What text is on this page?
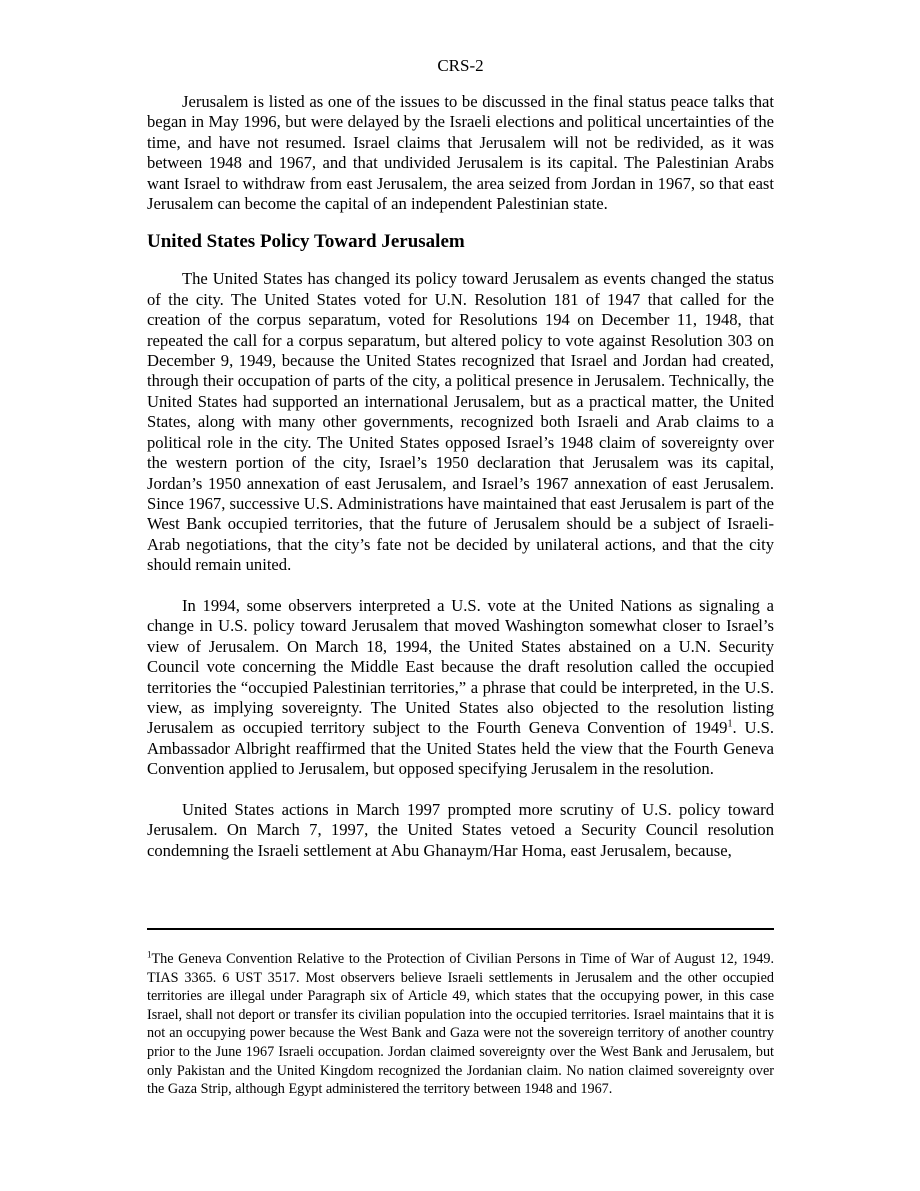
CRS-2

Jerusalem is listed as one of the issues to be discussed in the final status peace talks that began in May 1996, but were delayed by the Israeli elections and political uncertainties of the time, and have not resumed. Israel claims that Jerusalem will not be redivided, as it was between 1948 and 1967, and that undivided Jerusalem is its capital. The Palestinian Arabs want Israel to withdraw from east Jerusalem, the area seized from Jordan in 1967, so that east Jerusalem can become the capital of an independent Palestinian state.

United States Policy Toward Jerusalem

The United States has changed its policy toward Jerusalem as events changed the status of the city. The United States voted for U.N. Resolution 181 of 1947 that called for the creation of the corpus separatum, voted for Resolutions 194 on December 11, 1948, that repeated the call for a corpus separatum, but altered policy to vote against Resolution 303 on December 9, 1949, because the United States recognized that Israel and Jordan had created, through their occupation of parts of the city, a political presence in Jerusalem. Technically, the United States had supported an international Jerusalem, but as a practical matter, the United States, along with many other governments, recognized both Israeli and Arab claims to a political role in the city. The United States opposed Israel’s 1948 claim of sovereignty over the western portion of the city, Israel’s 1950 declaration that Jerusalem was its capital, Jordan’s 1950 annexation of east Jerusalem, and Israel’s 1967 annexation of east Jerusalem. Since 1967, successive U.S. Administrations have maintained that east Jerusalem is part of the West Bank occupied territories, that the future of Jerusalem should be a subject of Israeli-Arab negotiations, that the city’s fate not be decided by unilateral actions, and that the city should remain united.

In 1994, some observers interpreted a U.S. vote at the United Nations as signaling a change in U.S. policy toward Jerusalem that moved Washington somewhat closer to Israel’s view of Jerusalem. On March 18, 1994, the United States abstained on a U.N. Security Council vote concerning the Middle East because the draft resolution called the occupied territories the “occupied Palestinian territories,” a phrase that could be interpreted, in the U.S. view, as implying sovereignty. The United States also objected to the resolution listing Jerusalem as occupied territory subject to the Fourth Geneva Convention of 1949$^1$. U.S. Ambassador Albright reaffirmed that the United States held the view that the Fourth Geneva Convention applied to Jerusalem, but opposed specifying Jerusalem in the resolution.

United States actions in March 1997 prompted more scrutiny of U.S. policy toward Jerusalem. On March 7, 1997, the United States vetoed a Security Council resolution condemning the Israeli settlement at Abu Ghanaym/Har Homa, east Jerusalem, because,

$^1$The Geneva Convention Relative to the Protection of Civilian Persons in Time of War of August 12, 1949. TIAS 3365. 6 UST 3517. Most observers believe Israeli settlements in Jerusalem and the other occupied territories are illegal under Paragraph six of Article 49, which states that the occupying power, in this case Israel, shall not deport or transfer its civilian population into the occupied territories. Israel maintains that it is not an occupying power because the West Bank and Gaza were not the sovereign territory of another country prior to the June 1967 Israeli occupation. Jordan claimed sovereignty over the West Bank and Jerusalem, but only Pakistan and the United Kingdom recognized the Jordanian claim. No nation claimed sovereignty over the Gaza Strip, although Egypt administered the territory between 1948 and 1967.
